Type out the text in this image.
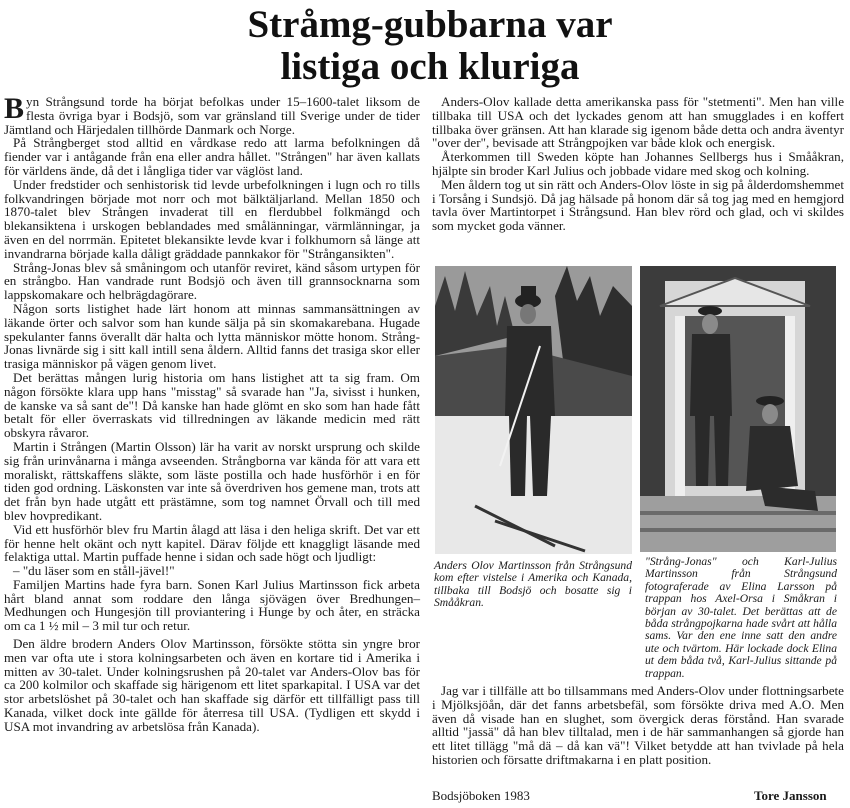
Stråmg-gubbarna var
listiga och kluriga

Byn Strångsund torde ha börjat befolkas under 15–1600-talet liksom de flesta övriga byar i Bodsjö, som var gränsland till Sverige under de tider Jämtland och Härjedalen tillhörde Danmark och Norge.

På Strångberget stod alltid en vårdkase redo att larma befolkningen då fiender var i antågande från ena eller andra hållet. "Strången" har även kallats för världens ände, då det i långliga tider var väglöst land.

Under fredstider och senhistorisk tid levde urbefolkningen i lugn och ro tills folkvandringen började mot norr och mot bälktäljarland. Mellan 1850 och 1870-talet blev Strången invaderat till en flerdubbel folkmängd och blekansiktena i urskogen beblandades med smålänningar, värmlänningar, ja även en del norrmän. Epitetet blekansikte levde kvar i folkhumorn så länge att invandrarna började kalla dåligt gräddade pannkakor för "Strångansikten".

Strång-Jonas blev så småningom och utanför reviret, känd såsom urtypen för en strångbo. Han vandrade runt Bodsjö och även till grannsocknarna som lappskomakare och helbrägdagörare.

Någon sorts listighet hade lärt honom att minnas sammansättningen av läkande örter och salvor som han kunde sälja på sin skomakarebana. Hugade spekulanter fanns överallt där halta och lytta människor mötte honom. Strång-Jonas livnärde sig i sitt kall intill sena åldern. Alltid fanns det trasiga skor eller trasiga människor på vägen genom livet.

Det berättas mången lurig historia om hans listighet att ta sig fram. Om någon försökte klara upp hans "misstag" så svarade han "Ja, sivisst i hunken, de kanske va så sant de"! Då kanske han hade glömt en sko som han hade fått betalt för eller överraskats vid tillredningen av läkande medicin med rätt obskyra råvaror.

Martin i Strången (Martin Olsson) lär ha varit av norskt ursprung och skilde sig från urinvånarna i många avseenden. Strångborna var kända för att vara ett moraliskt, rättskaffens släkte, som läste postilla och hade husförhör i en för tiden god ordning. Läskonsten var inte så överdriven hos gemene man, trots att det från byn hade utgått ett prästämne, som tog namnet Örvall och till med blev hovpredikant.

Vid ett husförhör blev fru Martin ålagd att läsa i den heliga skrift. Det var ett för henne helt okänt och nytt kapitel. Därav följde ett knaggligt läsande med felaktiga uttal. Martin puffade henne i sidan och sade högt och ljudligt:

– "du läser som en ståll-jävel!"

Familjen Martins hade fyra barn. Sonen Karl Julius Martinsson fick arbeta hårt bland annat som roddare den långa sjövägen över Bredhungen–Medhungen och Hungesjön till proviantering i Hunge by och åter, en sträcka om ca 1 ½ mil – 3 mil tur och retur.

Den äldre brodern Anders Olov Martinsson, försökte stötta sin yngre bror men var ofta ute i stora kolningsarbeten och även en kortare tid i Amerika i mitten av 30-talet. Under kolningsrushen på 20-talet var Anders-Olov bas för ca 200 kolmilor och skaffade sig härigenom ett litet sparkapital. I USA var det stor arbetslöshet på 30-talet och han skaffade sig därför ett tillfälligt pass till Kanada, vilket dock inte gällde för återresa till USA. (Tydligen ett skydd i USA mot invandring av arbetslösa från Kanada).

Anders-Olov kallade detta amerikanska pass för "stetmenti". Men han ville tillbaka till USA och det lyckades genom att han smugglades i en koffert tillbaka över gränsen. Att han klarade sig igenom både detta och andra äventyr "over der", bevisade att Strångpojken var både klok och energisk.

Återkommen till Sweden köpte han Johannes Sellbergs hus i Smååkran, hjälpte sin broder Karl Julius och jobbade vidare med skog och kolning.

Men åldern tog ut sin rätt och Anders-Olov löste in sig på ålderdomshemmet i Torsång i Sundsjö. Då jag hälsade på honom där så tog jag med en hemgjord tavla över Martintorpet i Strångsund. Han blev rörd och glad, och vi skildes som mycket goda vänner.

Anders Olov Martinsson från Strångsund kom efter vistelse i Amerika och Kanada, tillbaka till Bodsjö och bosatte sig i Smååkran.
"Strång-Jonas" och Karl-Julius Martinsson från Strångsund fotograferade av Elina Larsson på trappan hos Axel-Orsa i Småkran i början av 30-talet. Det berättas att de båda strångpojkarna hade svårt att hålla sams. Var den ene inne satt den andre ute och tvärtom. Här lockade dock Elina ut dem båda två, Karl-Julius sittande på trappan.

Jag var i tillfälle att bo tillsammans med Anders-Olov under flottningsarbete i Mjölksjöån, där det fanns arbetsbefäl, som försökte driva med A.O. Men även då visade han en slughet, som övergick deras förstånd. Han svarade alltid "jassä" då han blev tilltalad, men i de här sammanhangen så gjorde han ett litet tillägg "må dä – då kan vä"! Vilket betydde att han tvivlade på hela historien och försatte driftmakarna i en platt position.

Bodsjöboken 1983	Tore Jansson
